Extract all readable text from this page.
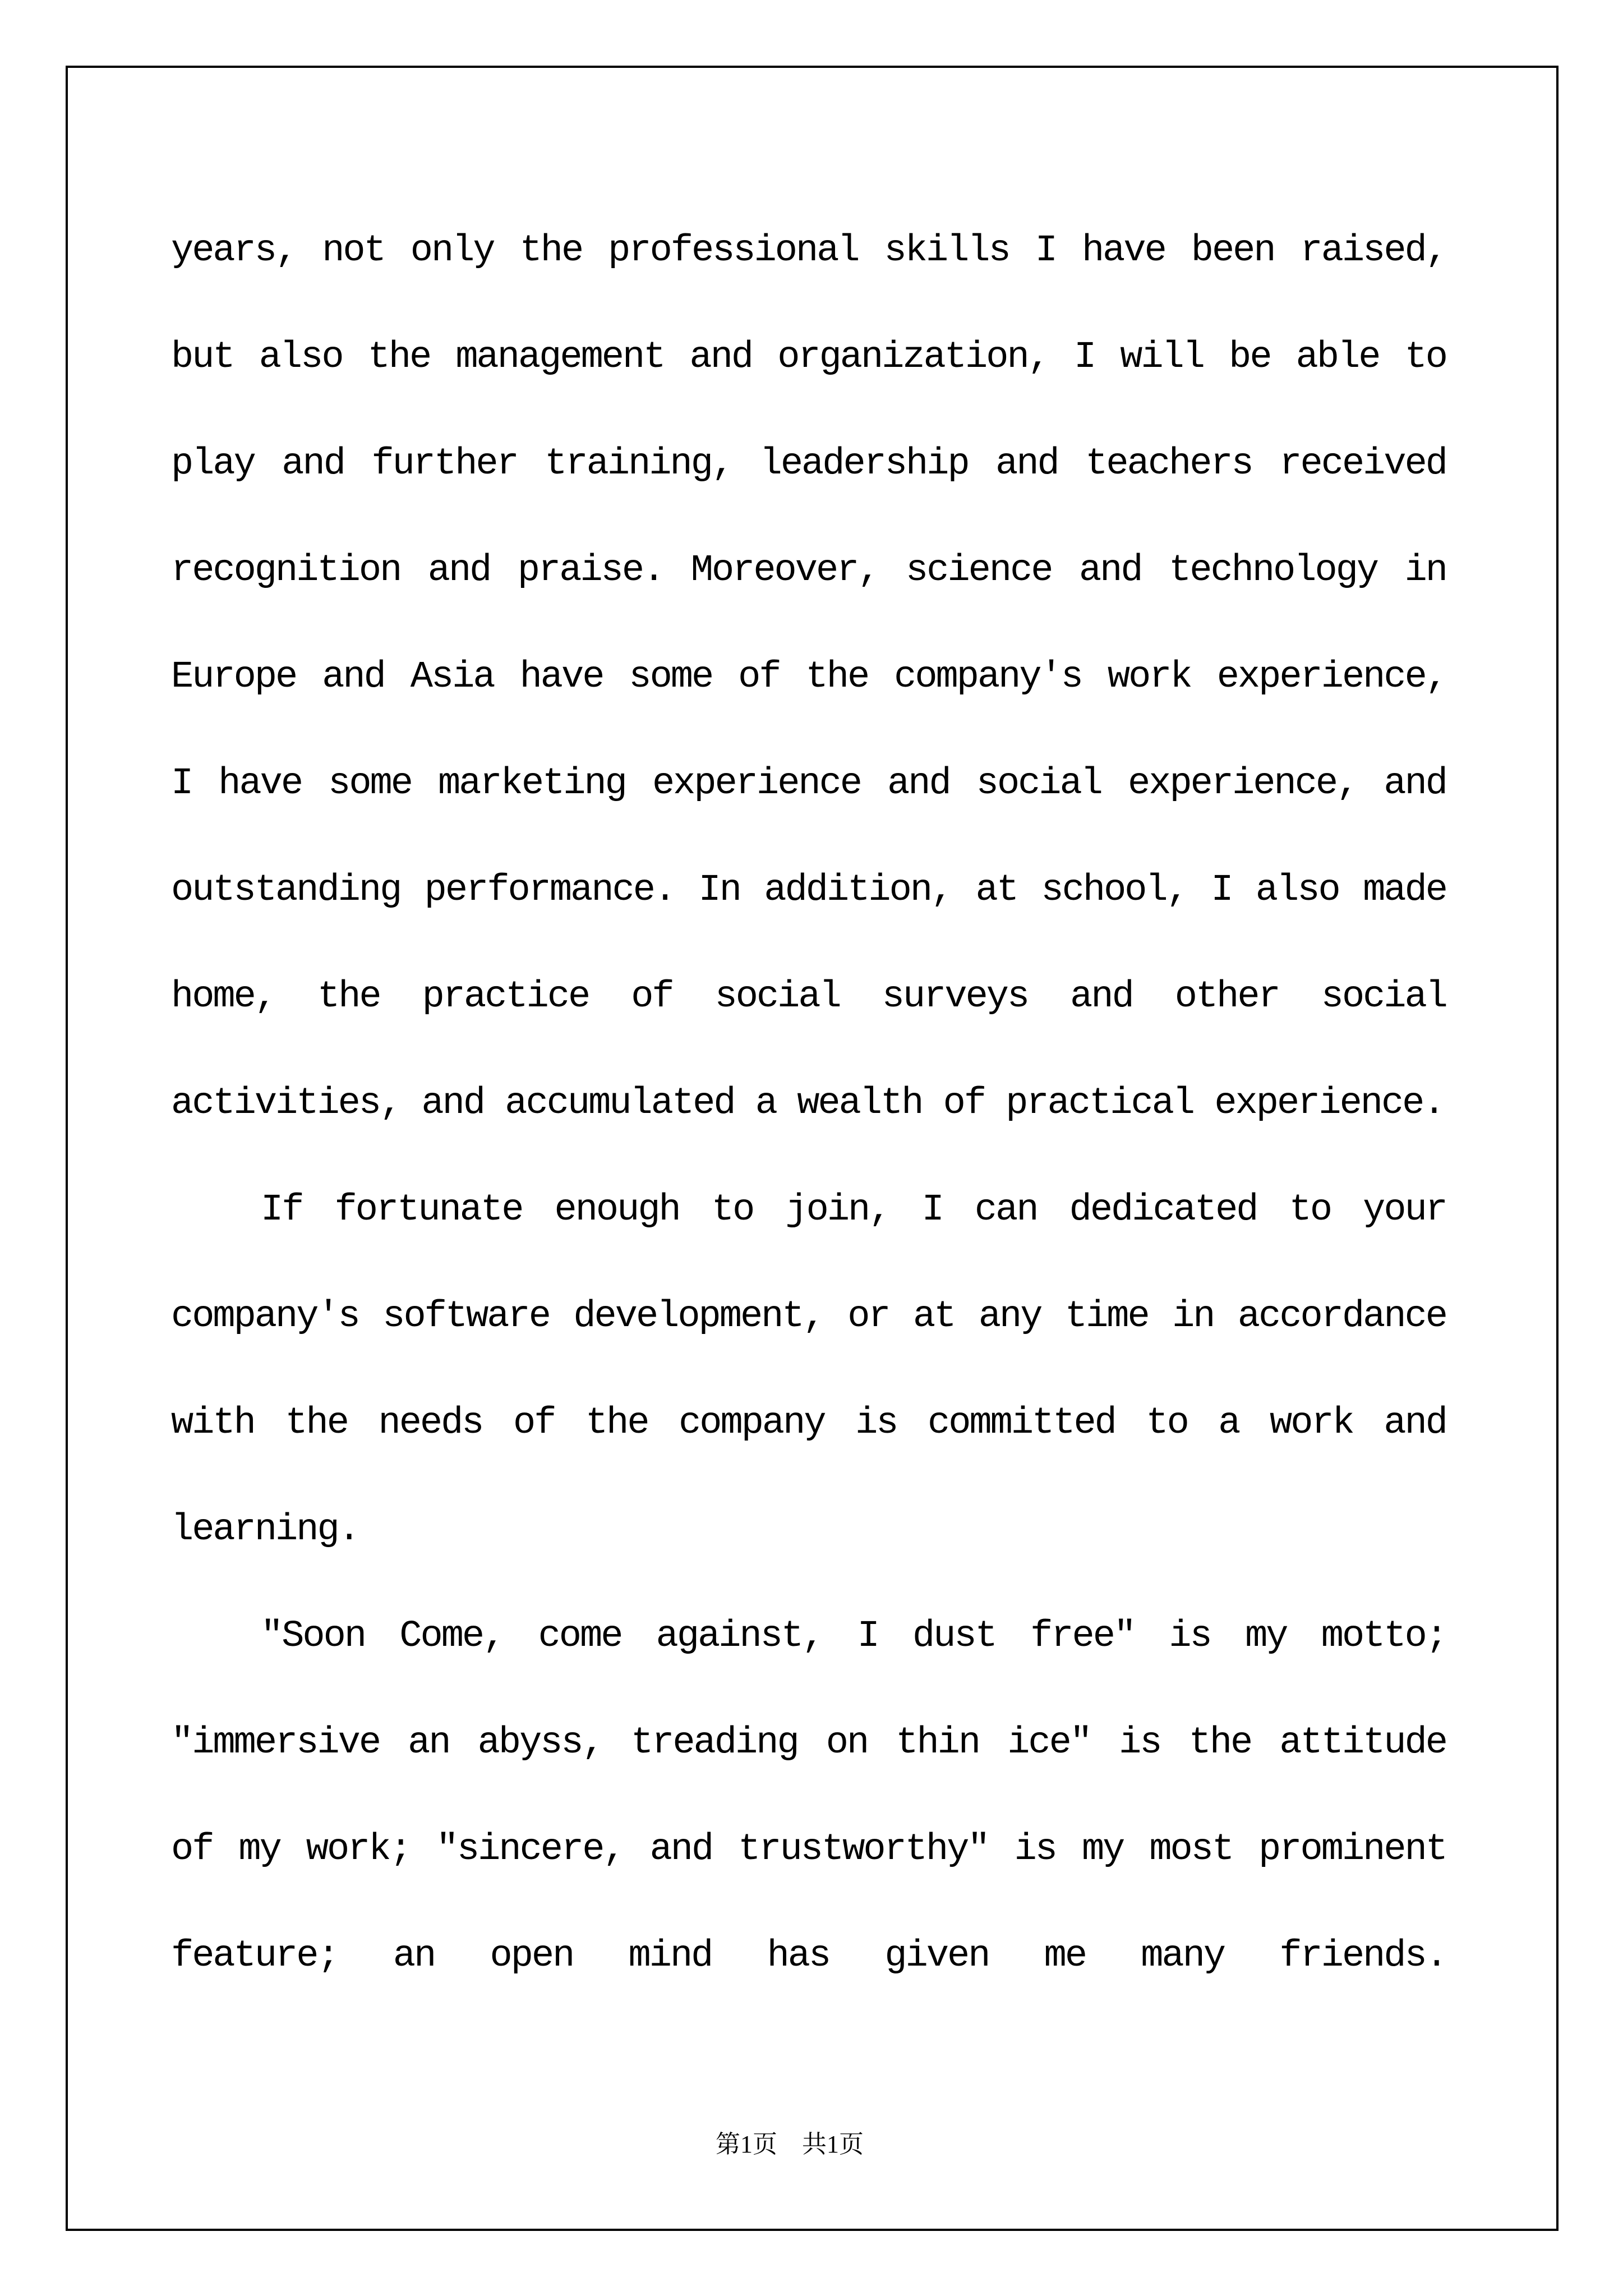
years, not only the professional skills I have been raised,
but also the management and organization, I will be able to
play and further training, leadership and teachers received
recognition and praise. Moreover, science and technology in
Europe and Asia have some of the company's work experience,
I have some marketing experience and social experience, and
outstanding performance. In addition, at school, I also made
home, the practice of social surveys and other social
activities, and accumulated a wealth of practical experience.
If fortunate enough to join, I can dedicated to your
company's software development, or at any time in accordance
with the needs of the company is committed to a work and
learning.
"Soon Come, come against, I dust free" is my motto;
"immersive an abyss, treading on thin ice" is the attitude
of my work; "sincere, and trustworthy" is my most prominent
feature; an open mind has given me many friends.
第1页　共1页
